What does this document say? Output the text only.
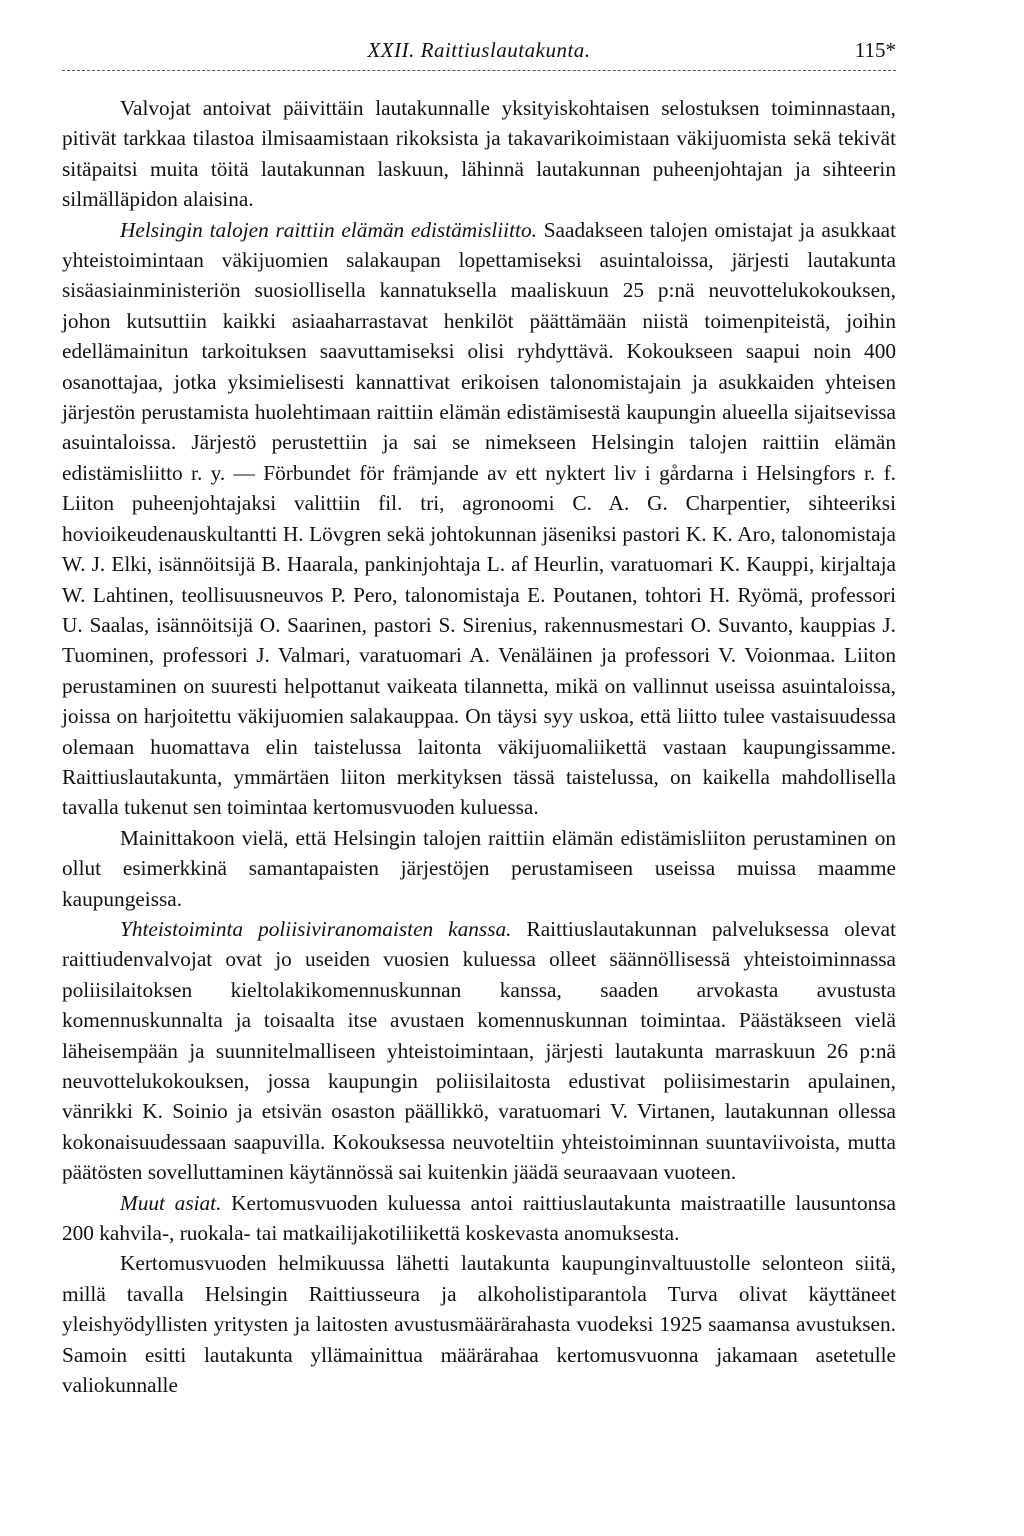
XXII. Raittiuslautakunta.	115*

Valvojat antoivat päivittäin lautakunnalle yksityiskohtaisen selostuksen toiminnastaan, pitivät tarkkaa tilastoa ilmisaamistaan rikoksista ja takavarikoimistaan väkijuomista sekä tekivät sitäpaitsi muita töitä lautakunnan laskuun, lähinnä lautakunnan puheenjohtajan ja sihteerin silmälläpidon alaisina.

Helsingin talojen raittiin elämän edistämisliitto. Saadakseen talojen omistajat ja asukkaat yhteistoimintaan väkijuomien salakaupan lopettamiseksi asuintaloissa, järjesti lautakunta sisäasiainministeriön suosiollisella kannatuksella maaliskuun 25 p:nä neuvottelukokouksen, johon kutsuttiin kaikki asiaaharrastavat henkilöt päättämään niistä toimenpiteistä, joihin edellämainitun tarkoituksen saavuttamiseksi olisi ryhdyttävä. Kokoukseen saapui noin 400 osanottajaa, jotka yksimielisesti kannattivat erikoisen talonomistajain ja asukkaiden yhteisen järjestön perustamista huolehtimaan raittiin elämän edistämisestä kaupungin alueella sijaitsevissa asuintaloissa. Järjestö perustettiin ja sai se nimekseen Helsingin talojen raittiin elämän edistämisliitto r. y. — Förbundet för främjande av ett nyktert liv i gårdarna i Helsingfors r. f. Liiton puheenjohtajaksi valittiin fil. tri, agronoomi C. A. G. Charpentier, sihteeriksi hovioikeudenauskultantti H. Lövgren sekä johtokunnan jäseniksi pastori K. K. Aro, talonomistaja W. J. Elki, isännöitsijä B. Haarala, pankinjohtaja L. af Heurlin, varatuomari K. Kauppi, kirjaltaja W. Lahtinen, teollisuusneuvos P. Pero, talonomistaja E. Poutanen, tohtori H. Ryömä, professori U. Saalas, isännöitsijä O. Saarinen, pastori S. Sirenius, rakennusmestari O. Suvanto, kauppias J. Tuominen, professori J. Valmari, varatuomari A. Venäläinen ja professori V. Voionmaa. Liiton perustaminen on suuresti helpottanut vaikeata tilannetta, mikä on vallinnut useissa asuintaloissa, joissa on harjoitettu väkijuomien salakauppaa. On täysi syy uskoa, että liitto tulee vastaisuudessa olemaan huomattava elin taistelussa laitonta väkijuomaliikettä vastaan kaupungissamme. Raittiuslautakunta, ymmärtäen liiton merkityksen tässä taistelussa, on kaikella mahdollisella tavalla tukenut sen toimintaa kertomusvuoden kuluessa.

Mainittakoon vielä, että Helsingin talojen raittiin elämän edistämisliiton perustaminen on ollut esimerkkinä samantapaisten järjestöjen perustamiseen useissa muissa maamme kaupungeissa.

Yhteistoiminta poliisiviranomaisten kanssa. Raittiuslautakunnan palveluksessa olevat raittiudenvalvojat ovat jo useiden vuosien kuluessa olleet säännöllisessä yhteistoiminnassa poliisilaitoksen kieltolakikomennuskunnan kanssa, saaden arvokasta avustusta komennuskunnalta ja toisaalta itse avustaen komennuskunnan toimintaa. Päästäkseen vielä läheisempään ja suunnitelmalliseen yhteistoimintaan, järjesti lautakunta marraskuun 26 p:nä neuvottelukokouksen, jossa kaupungin poliisilaitosta edustivat poliisimestarin apulainen, vänrikki K. Soinio ja etsivän osaston päällikkö, varatuomari V. Virtanen, lautakunnan ollessa kokonaisuudessaan saapuvilla. Kokouksessa neuvoteltiin yhteistoiminnan suuntaviivoista, mutta päätösten sovelluttaminen käytännössä sai kuitenkin jäädä seuraavaan vuoteen.

Muut asiat. Kertomusvuoden kuluessa antoi raittiuslautakunta maistraatille lausuntonsa 200 kahvila-, ruokala- tai matkailijakotiliikettä koskevasta anomuksesta.

Kertomusvuoden helmikuussa lähetti lautakunta kaupunginvaltuustolle selonteon siitä, millä tavalla Helsingin Raittiusseura ja alkoholistiparantola Turva olivat käyttäneet yleishyödyllisten yritysten ja laitosten avustusmäärärahasta vuodeksi 1925 saamansa avustuksen. Samoin esitti lautakunta yllämainittua määrärahaa kertomusvuonna jakamaan asetetulle valiokunnalle
